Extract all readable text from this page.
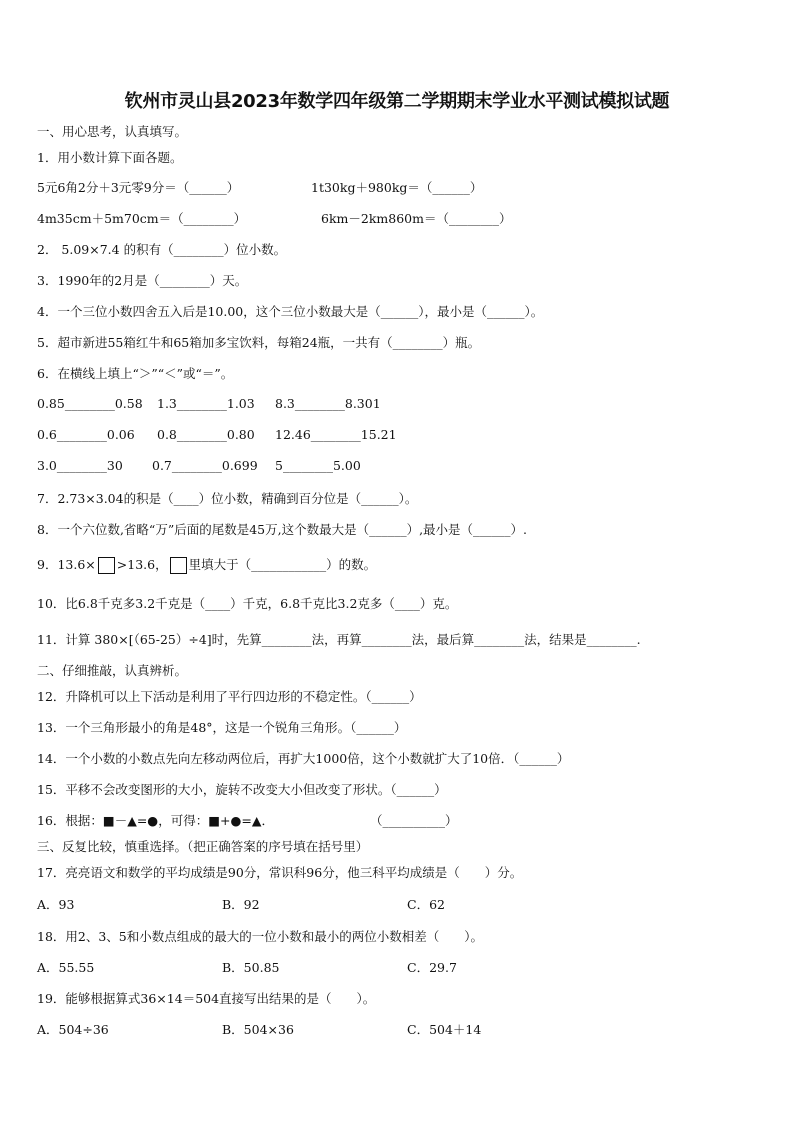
钦州市灵山县2023年数学四年级第二学期期末学业水平测试模拟试题
一、用心思考，认真填写。
1．用小数计算下面各题。
5元6角2分＋3元零9分＝（______）	1t30kg＋980kg＝（______）
4m35cm＋5m70cm＝（________）	6km－2km860m＝（________）
2． 5.09×7.4 的积有（________）位小数。
3．1990年的2月是（________）天。
4．一个三位小数四舍五入后是10.00，这个三位小数最大是（______），最小是（______）。
5．超市新进55箱红牛和65箱加多宝饮料，每箱24瓶，一共有（________）瓶。
6．在横线上填上“＞”“＜”或“＝”。
0.85________0.58 1.3________1.03 8.3________8.301
0.6________0.06 0.8________0.80 12.46________15.21
3.0________30 0.7________0.699 5________5.00
7．2.73×3.04的积是（____）位小数，精确到百分位是（______）。
8．一个六位数,省略“万”后面的尾数是45万,这个数最大是（______）,最小是（______）.
9．13.6× >13.6， 里填大于（____________）的数。
10．比6.8千克多3.2千克是（____）千克，6.8千克比3.2克多（____）克。
11．计算 380×[（65-25）÷4]时，先算________法，再算________法，最后算________法，结果是________.
二、仔细推敲，认真辨析。
12．升降机可以上下活动是利用了平行四边形的不稳定性。（______）
13．一个三角形最小的角是48°，这是一个锐角三角形。（______）
14．一个小数的小数点先向左移动两位后，再扩大1000倍，这个小数就扩大了10倍．（______）
15．平移不会改变图形的大小，旋转不改变大小但改变了形状。（______）
16．根据：■－▲=●，可得：■+●=▲．	（__________）
三、反复比较，慎重选择。（把正确答案的序号填在括号里）
17．亮亮语文和数学的平均成绩是90分，常识科96分，他三科平均成绩是（　　）分。
A．93	B．92	C．62
18．用2、3、5和小数点组成的最大的一位小数和最小的两位小数相差（　　）。
A．55.55	B．50.85	C．29.7
19．能够根据算式36×14＝504直接写出结果的是（　　）。
A．504÷36	B．504×36	C．504＋14
